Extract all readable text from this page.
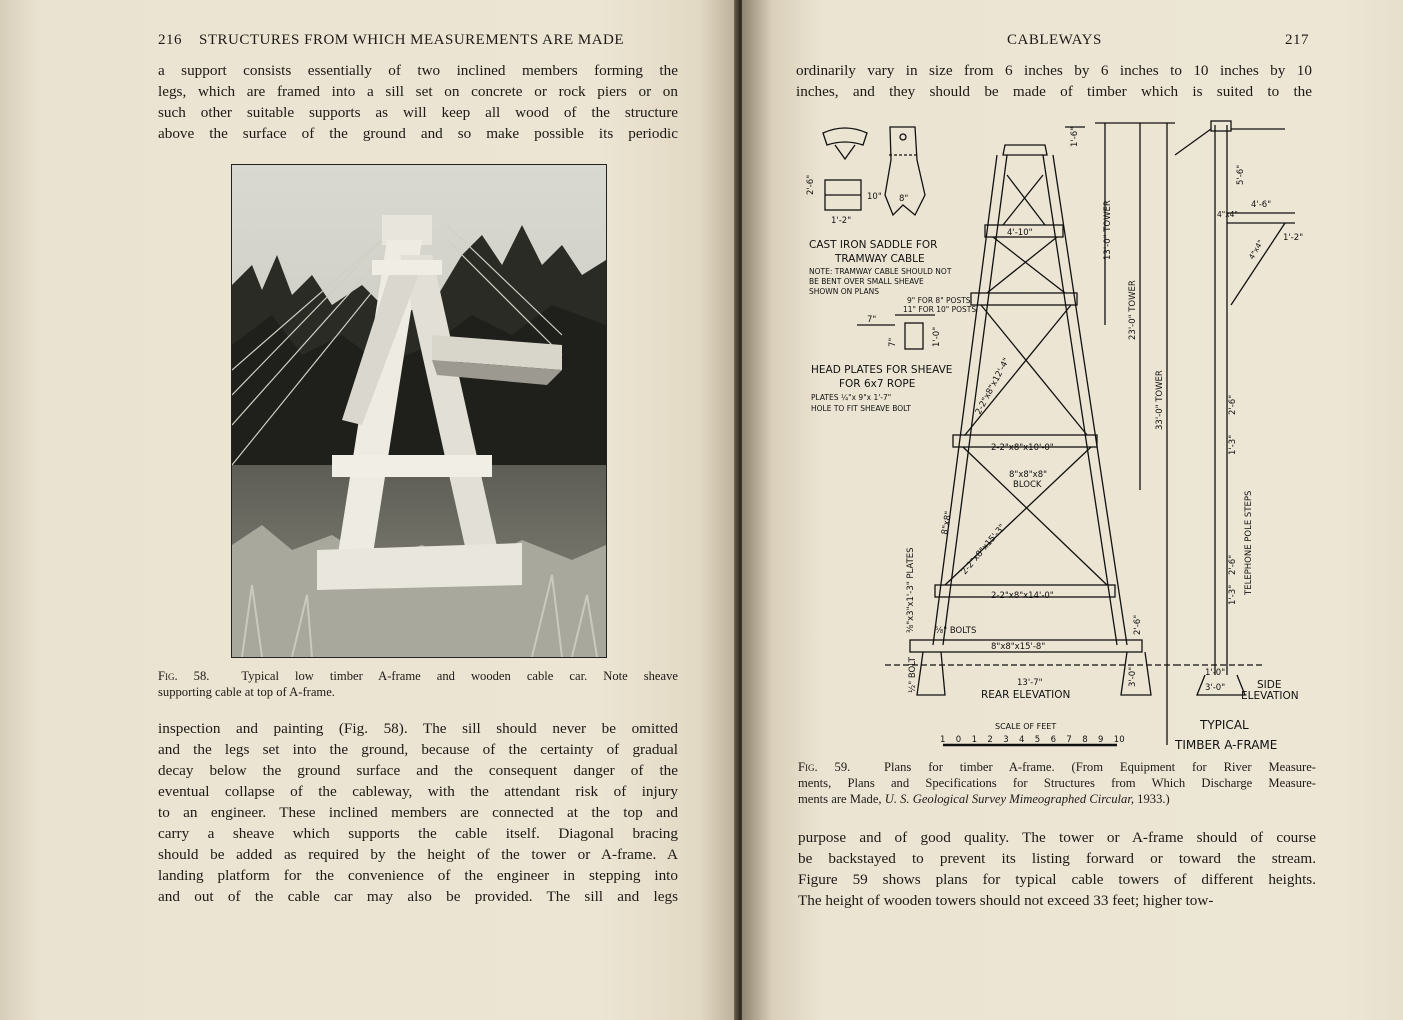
216 STRUCTURES FROM WHICH MEASUREMENTS ARE MADE

a support consists essentially of two inclined members forming the
legs, which are framed into a sill set on concrete or rock piers or on
such other suitable supports as will keep all wood of the structure
above the surface of the ground and so make possible its periodic

Fig. 58.	Typical low timber A-frame and wooden cable car. Note sheave
supporting cable at top of A-frame.

inspection and painting (Fig. 58). The sill should never be omitted
and the legs set into the ground, because of the certainty of gradual
decay below the ground surface and the consequent danger of the
eventual collapse of the cableway, with the attendant risk of injury
to an engineer. These inclined members are connected at the top and
carry a sheave which supports the cable itself. Diagonal bracing
should be added as required by the height of the tower or A-frame. A
landing platform for the convenience of the engineer in stepping into
and out of the cable car may also be provided. The sill and legs

CABLEWAYS	217

ordinarily vary in size from 6 inches by 6 inches to 10 inches by 10
inches, and they should be made of timber which is suited to the

Fig. 59.	Plans for timber A-frame. (From Equipment for River Measure-
ments, Plans and Specifications for Structures from Which Discharge Measure-
ments are Made, U. S. Geological Survey Mimeographed Circular, 1933.)

purpose and of good quality. The tower or A-frame should of course
be backstayed to prevent its listing forward or toward the stream.
Figure 59 shows plans for typical cable towers of different heights.
The height of wooden towers should not exceed 33 feet; higher tow-

2'-6"
1'-2"
10" 8"
CAST IRON SADDLE FOR
TRAMWAY CABLE
NOTE: TRAMWAY CABLE SHOULD NOT
BE BENT OVER SMALL SHEAVE
SHOWN ON PLANS
9" FOR 8" POSTS
11" FOR 10" POSTS
7"
7"	1'-0"
HEAD PLATES FOR SHEAVE
FOR 6x7 ROPE
PLATES ¼"x 9"x 1'-7"
HOLE TO FIT SHEAVE BOLT
1'-6"
4'-10"	13'-0" TOWER
23'-0" TOWER
33'-0" TOWER
2-2"x8"x12'-4"
2-2"x8"x10'-0"
8"x8"x8"
BLOCK
8"x8" 2-2"x8"x15'-3"
2-2"x8"x14'-0"
⅝" BOLTS
8"x8"x15'-8"
⅜"x3"x1'-3" PLATES	2'-6"
13'-7"	3'-0"
½" BOLT
REAR ELEVATION
5'-6"
4'-6"
4"x4"
4"x4"
1'-2"
2'-6"
1'-3"
2'-6"
1'-3" TELEPHONE POLE STEPS
1'-0"
3'-0"	SIDE
ELEVATION
SCALE OF FEET	TYPICAL
TIMBER A-FRAME
1 0 1 2 3 4 5 6 7 8 9 10
